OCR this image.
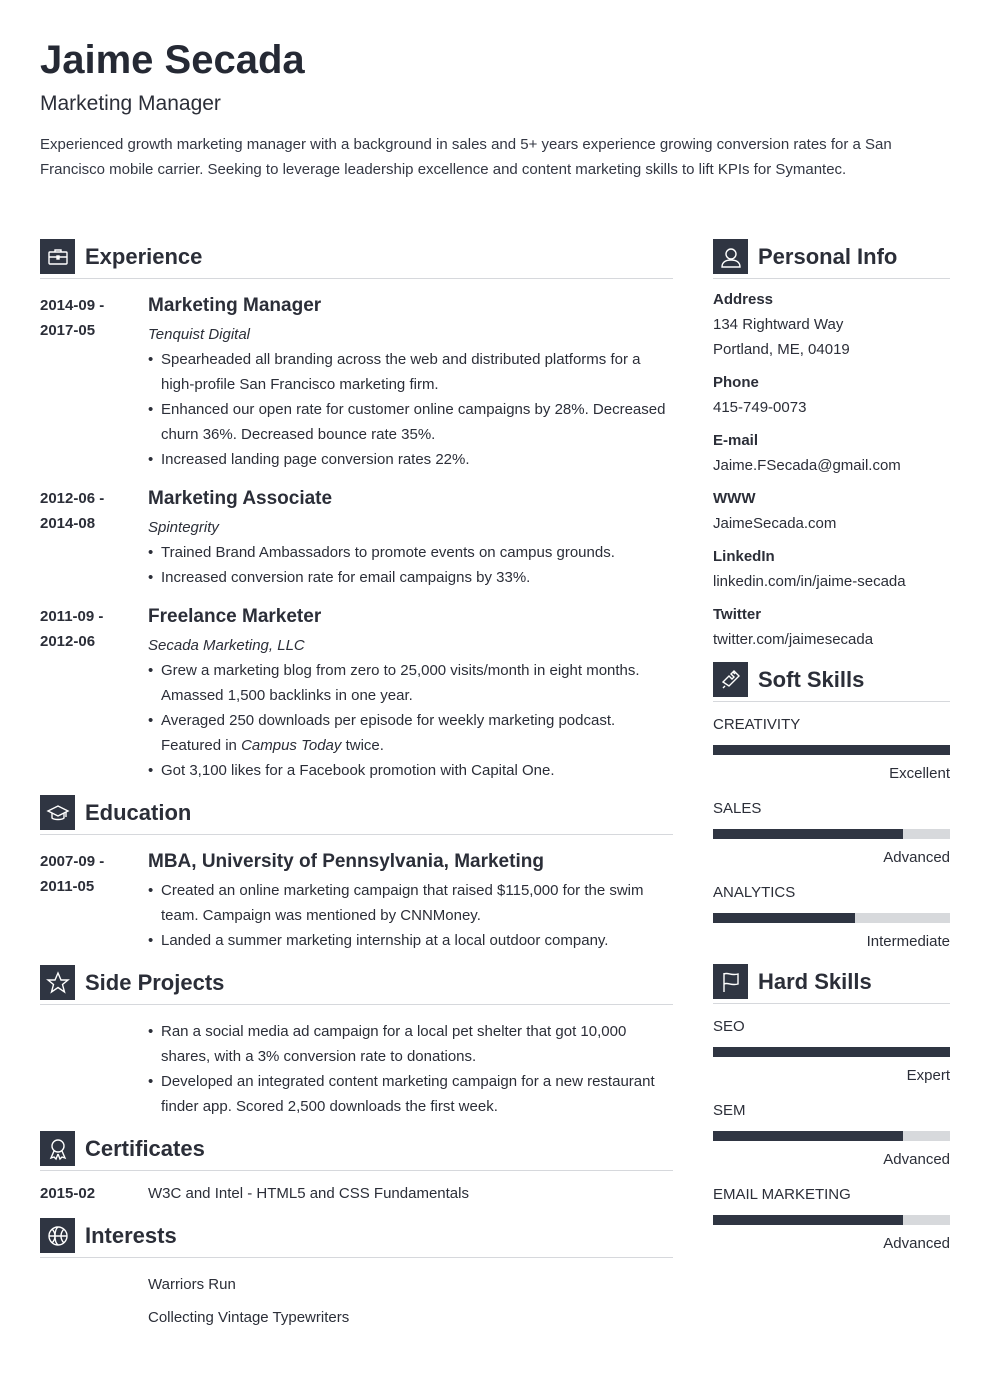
Jaime Secada
Marketing Manager
Experienced growth marketing manager with a background in sales and 5+ years experience growing conversion rates for a San Francisco mobile carrier. Seeking to leverage leadership excellence and content marketing skills to lift KPIs for Symantec.
Experience
2014-09 -
2017-05
Marketing Manager
Tenquist Digital
• Spearheaded all branding across the web and distributed platforms for a high-profile San Francisco marketing firm.
• Enhanced our open rate for customer online campaigns by 28%. Decreased churn 36%. Decreased bounce rate 35%.
• Increased landing page conversion rates 22%.
2012-06 -
2014-08
Marketing Associate
Spintegrity
• Trained Brand Ambassadors to promote events on campus grounds.
• Increased conversion rate for email campaigns by 33%.
2011-09 -
2012-06
Freelance Marketer
Secada Marketing, LLC
• Grew a marketing blog from zero to 25,000 visits/month in eight months. Amassed 1,500 backlinks in one year.
• Averaged 250 downloads per episode for weekly marketing podcast. Featured in Campus Today twice.
• Got 3,100 likes for a Facebook promotion with Capital One.
Education
2007-09 -
2011-05
MBA, University of Pennsylvania, Marketing
• Created an online marketing campaign that raised $115,000 for the swim team. Campaign was mentioned by CNNMoney.
• Landed a summer marketing internship at a local outdoor company.
Side Projects
• Ran a social media ad campaign for a local pet shelter that got 10,000 shares, with a 3% conversion rate to donations.
• Developed an integrated content marketing campaign for a new restaurant finder app. Scored 2,500 downloads the first week.
Certificates
2015-02	W3C and Intel - HTML5 and CSS Fundamentals
Interests
Warriors Run
Collecting Vintage Typewriters
Personal Info
Address
134 Rightward Way
Portland, ME, 04019
Phone
415-749-0073
E-mail
Jaime.FSecada@gmail.com
WWW
JaimeSecada.com
LinkedIn
linkedin.com/in/jaime-secada
Twitter
twitter.com/jaimesecada
Soft Skills
CREATIVITY
Excellent
SALES
Advanced
ANALYTICS
Intermediate
Hard Skills
SEO
Expert
SEM
Advanced
EMAIL MARKETING
Advanced
